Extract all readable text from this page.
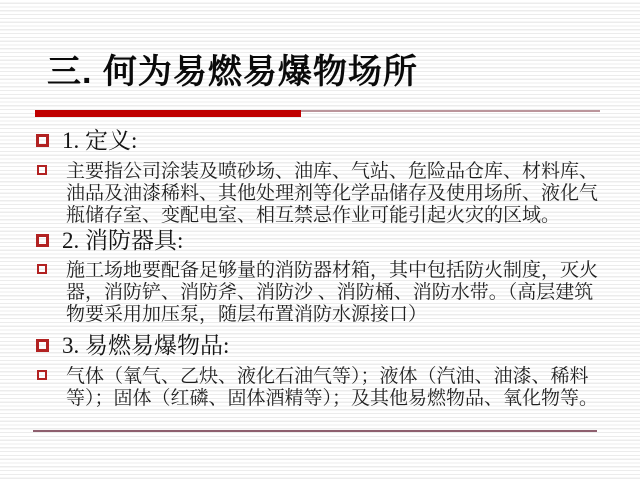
三. 何为易燃易爆物场所
1. 定义:
主要指公司涂装及喷砂场、油库、气站、危险品仓库、材料库、
油品及油漆稀料、其他处理剂等化学品储存及使用场所、液化气
瓶储存室、变配电室、相互禁忌作业可能引起火灾的区域。
2. 消防器具:
施工场地要配备足够量的消防器材箱，其中包括防火制度，灭火
器，消防铲、消防斧、消防沙 、消防桶、消防水带。（高层建筑
物要采用加压泵，随层布置消防水源接口）
3. 易燃易爆物品:
气体（氧气、乙炔、液化石油气等）；液体（汽油、油漆、稀料
等）；固体（红磷、固体酒精等）；及其他易燃物品、氧化物等。
